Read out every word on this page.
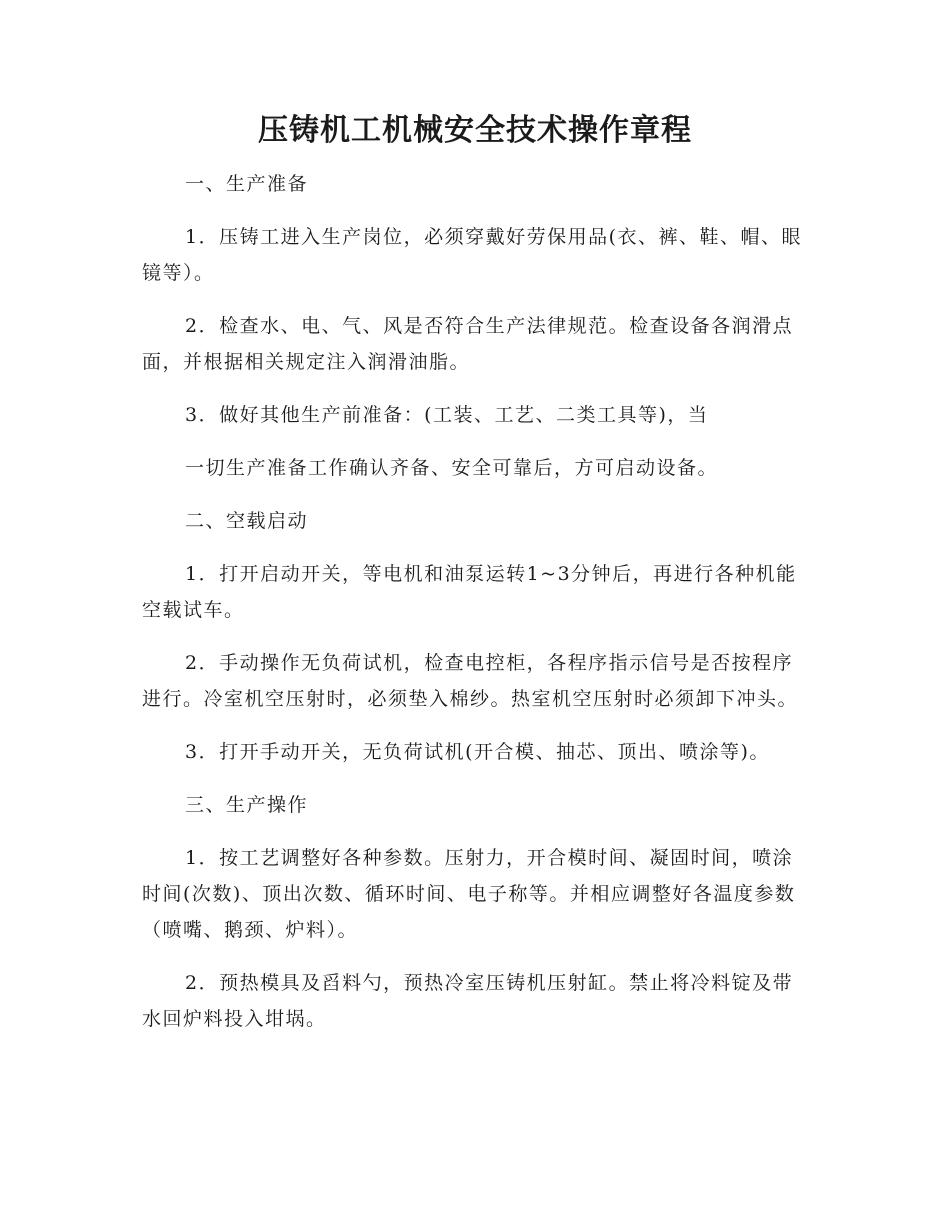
压铸机工机械安全技术操作章程

一、生产准备

1．压铸工进入生产岗位，必须穿戴好劳保用品(衣、裤、鞋、帽、眼镜等）。

2．检查水、电、气、风是否符合生产法律规范。检查设备各润滑点面，并根据相关规定注入润滑油脂。

3．做好其他生产前准备：(工装、工艺、二类工具等)，当

一切生产准备工作确认齐备、安全可靠后，方可启动设备。

二、空载启动

1．打开启动开关，等电机和油泵运转1~3分钟后，再进行各种机能空载试车。

2．手动操作无负荷试机，检查电控柜，各程序指示信号是否按程序进行。冷室机空压射时，必须垫入棉纱。热室机空压射时必须卸下冲头。

3．打开手动开关，无负荷试机(开合模、抽芯、顶出、喷涂等)。

三、生产操作

1．按工艺调整好各种参数。压射力，开合模时间、凝固时间，喷涂时间(次数)、顶出次数、循环时间、电子称等。并相应调整好各温度参数（喷嘴、鹅颈、炉料）。

2．预热模具及舀料勺，预热冷室压铸机压射缸。禁止将冷料锭及带水回炉料投入坩埚。
